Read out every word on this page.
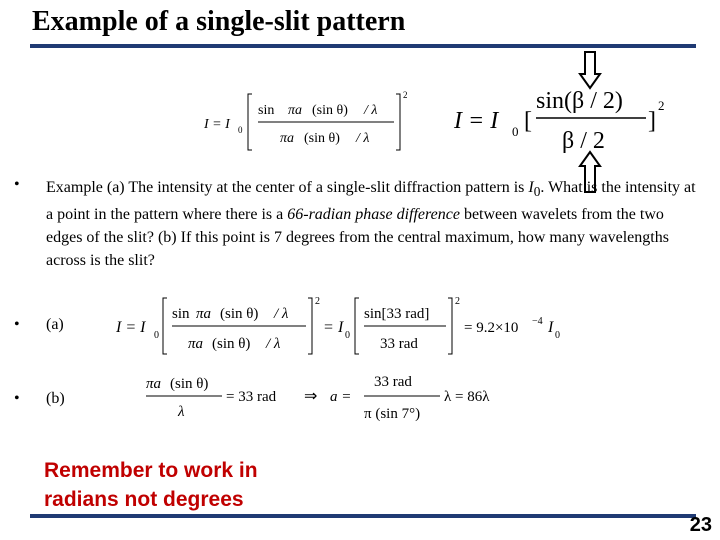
Example of a single-slit pattern
I = I 0
sin πa (sin θ) / λ
πa (sin θ) / λ
2
I = I 0 [
sin(β / 2)
β / 2
]
2
• Example (a) The intensity at the center of a single-slit diffraction pattern is $I_0$. What is the intensity at a point in the pattern where there is a 66-radian phase difference between wavelets from the two edges of the slit? (b) If this point is 7 degrees from the central maximum, how many wavelengths across is the slit?
• (a)	I = I 0
sin πa (sin θ) / λ
πa (sin θ) / λ
2
= I 0
sin[33 rad]
33 rad
2
= 9.2×10 −4 I 0
• (b)
πa (sin θ)
λ
= 33 rad ⇒ a =
33 rad
π (sin 7°)
λ = 86λ
Remember to work in
radians not degrees
23
